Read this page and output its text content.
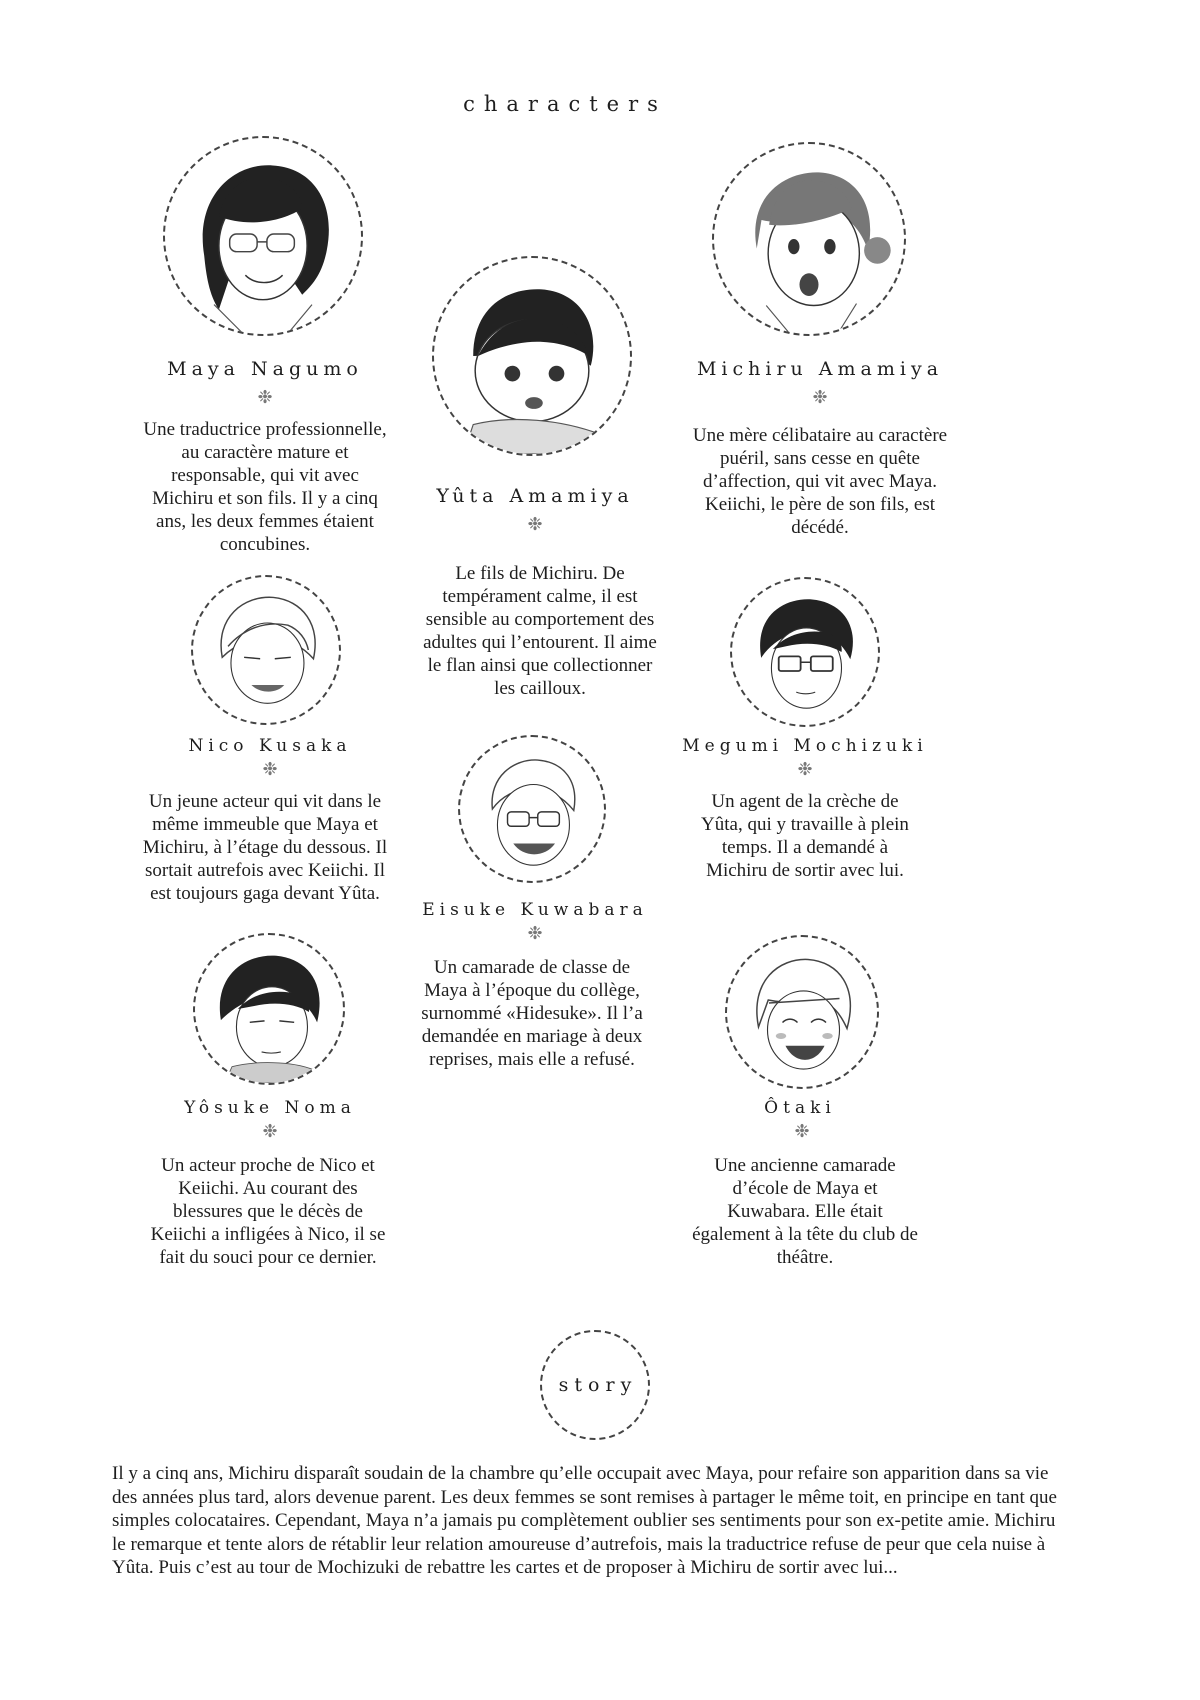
characters
Maya Nagumo
❉
Une traductrice professionnelle, au caractère mature et responsable, qui vit avec Michiru et son fils. Il y a cinq ans, les deux femmes étaient concubines.
Yûta Amamiya
❉
Le fils de Michiru. De tempérament calme, il est sensible au comportement des adultes qui l’entourent. Il aime le flan ainsi que collectionner les cailloux.
Michiru Amamiya
❉
Une mère célibataire au caractère puéril, sans cesse en quête d’affection, qui vit avec Maya. Keiichi, le père de son fils, est décédé.
Nico Kusaka
❉
Un jeune acteur qui vit dans le même immeuble que Maya et Michiru, à l’étage du dessous. Il sortait autrefois avec Keiichi. Il est toujours gaga devant Yûta.
Eisuke Kuwabara
❉
Un camarade de classe de Maya à l’époque du collège, surnommé «Hidesuke». Il l’a demandée en mariage à deux reprises, mais elle a refusé.
Megumi Mochizuki
❉
Un agent de la crèche de Yûta, qui y travaille à plein temps. Il a demandé à Michiru de sortir avec lui.
Yôsuke Noma
❉
Un acteur proche de Nico et Keiichi. Au courant des blessures que le décès de Keiichi a infligées à Nico, il se fait du souci pour ce dernier.
Ôtaki
❉
Une ancienne camarade d’école de Maya et Kuwabara. Elle était également à la tête du club de théâtre.
story
Il y a cinq ans, Michiru disparaît soudain de la chambre qu’elle occupait avec Maya, pour refaire son apparition dans sa vie des années plus tard, alors devenue parent. Les deux femmes se sont remises à partager le même toit, en principe en tant que simples colocataires. Cependant, Maya n’a jamais pu complètement oublier ses sentiments pour son ex-petite amie. Michiru le remarque et tente alors de rétablir leur relation amoureuse d’autrefois, mais la traductrice refuse de peur que cela nuise à Yûta. Puis c’est au tour de Mochizuki de rebattre les cartes et de proposer à Michiru de sortir avec lui...
